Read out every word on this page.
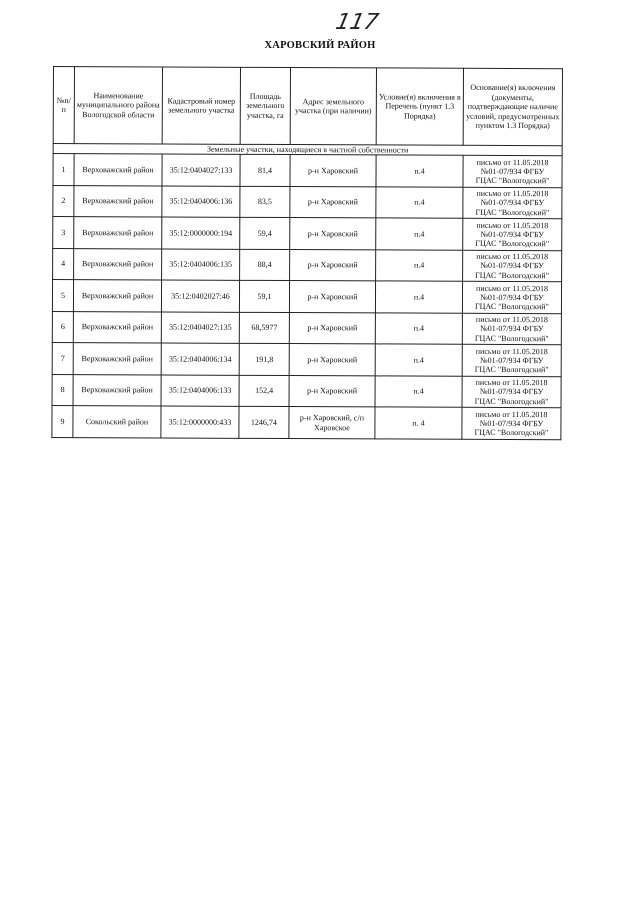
117
ХАРОВСКИЙ РАЙОН
№п/п	Наименование муниципального района Вологодской области	Кадастровый номер земельного участка	Площадь земельного участка, га	Адрес земельного участка (при наличии)	Условие(я) включения в Перечень (пункт 1.3 Порядка)	Основание(я) включения (документы, подтверждающие наличие условий, предусмотренных пунктом 1.3 Порядка)
Земельные участки, находящиеся в частной собственности						
1	Верховажский район	35:12:0404027:133	81,4	р-н Харовский	п.4	письмо от 11.05.2018
№01-07/934 ФГБУ
ГЦАС "Вологодский"

2	Верховажский район	35:12:0404006:136	83,5	р-н Харовский	п.4	письмо от 11.05.2018
№01-07/934 ФГБУ
ГЦАС "Вологодский"

3	Верховажский район	35:12:0000000:194	59,4	р-н Харовский	п.4	письмо от 11.05.2018
№01-07/934 ФГБУ
ГЦАС "Вологодский"

4	Верховажский район	35:12:0404006:135	88,4	р-н Харовский	п.4	письмо от 11.05.2018
№01-07/934 ФГБУ
ГЦАС "Вологодский"

5	Верховажский район	35:12:0402027:46	59,1	р-н Харовский	п.4	письмо от 11.05.2018
№01-07/934 ФГБУ
ГЦАС "Вологодский"

6	Верховажский район	35:12:0404027:135	68,5977	р-н Харовский	п.4	письмо от 11.05.2018
№01-07/934 ФГБУ
ГЦАС "Вологодский"

7	Верховажский район	35:12:0404006:134	191,8	р-н Харовский	п.4	письмо от 11.05.2018
№01-07/934 ФГБУ
ГЦАС "Вологодский"

8	Верховажский район	35:12:0404006:133	152,4	р-н Харовский	п.4	письмо от 11.05.2018
№01-07/934 ФГБУ
ГЦАС "Вологодский"

9	Сокольский район	35:12:0000000:433	1246,74	р-н Харовский, с/п Харовское	п. 4	письмо от 11.05.2018
№01-07/934 ФГБУ
ГЦАС "Вологодский"
